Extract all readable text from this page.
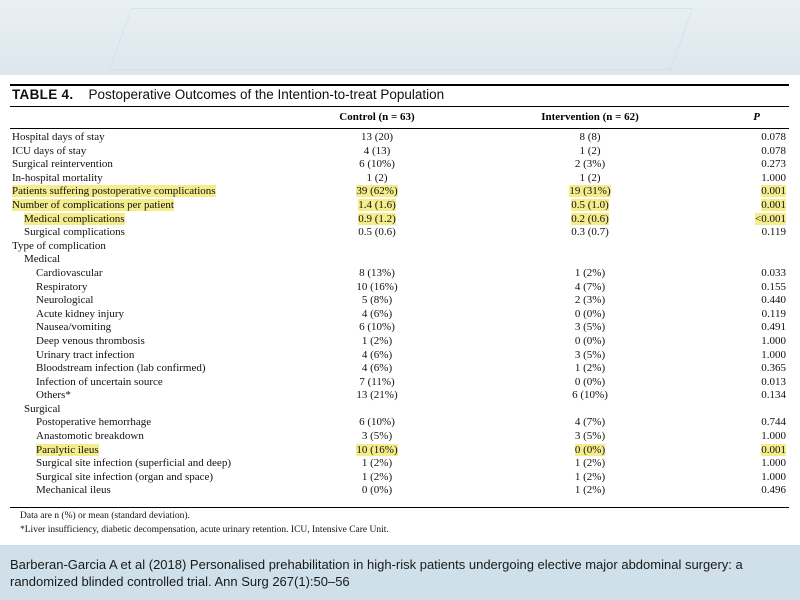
TABLE 4. Postoperative Outcomes of the Intention-to-treat Population
Control (n = 63)	Intervention (n = 62)	P
Hospital days of stay	13 (20)	8 (8)	0.078
ICU days of stay	4 (13)	1 (2)	0.078
Surgical reintervention	6 (10%)	2 (3%)	0.273
In-hospital mortality	1 (2)	1 (2)	1.000
Patients suffering postoperative complications	39 (62%)	19 (31%)	0.001
Number of complications per patient	1.4 (1.6)	0.5 (1.0)	0.001
Medical complications	0.9 (1.2)	0.2 (0.6)	<0.001
Surgical complications	0.5 (0.6)	0.3 (0.7)	0.119
Type of complication
Medical
Cardiovascular	8 (13%)	1 (2%)	0.033
Respiratory	10 (16%)	4 (7%)	0.155
Neurological	5 (8%)	2 (3%)	0.440
Acute kidney injury	4 (6%)	0 (0%)	0.119
Nausea/vomiting	6 (10%)	3 (5%)	0.491
Deep venous thrombosis	1 (2%)	0 (0%)	1.000
Urinary tract infection	4 (6%)	3 (5%)	1.000
Bloodstream infection (lab confirmed)	4 (6%)	1 (2%)	0.365
Infection of uncertain source	7 (11%)	0 (0%)	0.013
Others*	13 (21%)	6 (10%)	0.134
Surgical
Postoperative hemorrhage	6 (10%)	4 (7%)	0.744
Anastomotic breakdown	3 (5%)	3 (5%)	1.000
Paralytic ileus	10 (16%)	0 (0%)	0.001
Surgical site infection (superficial and deep)	1 (2%)	1 (2%)	1.000
Surgical site infection (organ and space)	1 (2%)	1 (2%)	1.000
Mechanical ileus	0 (0%)	1 (2%)	0.496
Data are n (%) or mean (standard deviation).
*Liver insufficiency, diabetic decompensation, acute urinary retention. ICU, Intensive Care Unit.
Barberan-Garcia A et al (2018) Personalised prehabilitation in high-risk patients undergoing elective major abdominal surgery: a randomized blinded controlled trial. Ann Surg 267(1):50–56
